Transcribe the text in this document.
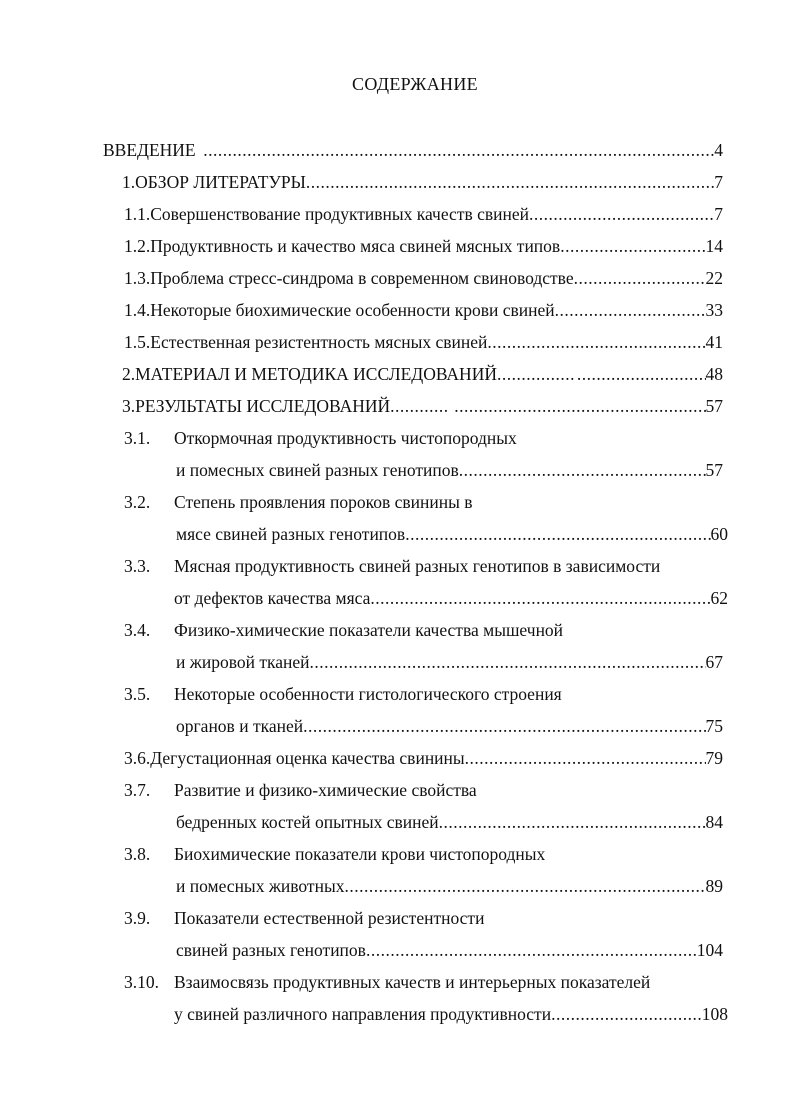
СОДЕРЖАНИЕ
ВВЕДЕНИЕ .....	4
1. ОБЗОР ЛИТЕРАТУРЫ .....	7
1.1. Совершенствование продуктивных качеств свиней .....	7
1.2. Продуктивность и качество мяса свиней мясных типов .....	14
1.3. Проблема стресс-синдрома в современном свиноводстве .....	22
1.4. Некоторые биохимические особенности крови свиней .....	33
1.5. Естественная резистентность мясных свиней .....	41
2. МАТЕРИАЛ И МЕТОДИКА ИССЛЕДОВАНИЙ ..... .....	48
3. РЕЗУЛЬТАТЫ ИССЛЕДОВАНИЙ ..... .....	57
3.1.	Откормочная продуктивность чистопородных
и помесных свиней разных генотипов .....	57
3.2.	Степень проявления пороков свинины в
мясе свиней разных генотипов .....	60
3.3.	Мясная продуктивность свиней разных генотипов в зависимости
от дефектов качества мяса .....	62
3.4.	Физико-химические показатели качества мышечной
и жировой тканей .....	67
3.5.	Некоторые особенности гистологического строения
органов и тканей .....	75
3.6. Дегустационная оценка качества свинины .....	79
3.7.	Развитие и физико-химические свойства
бедренных костей опытных свиней .....	84
3.8.	Биохимические показатели крови чистопородных
и помесных животных .....	89
3.9.	Показатели естественной резистентности
свиней разных генотипов .....	104
3.10. Взаимосвязь продуктивных качеств и интерьерных показателей
у свиней различного направления продуктивности .....	108
